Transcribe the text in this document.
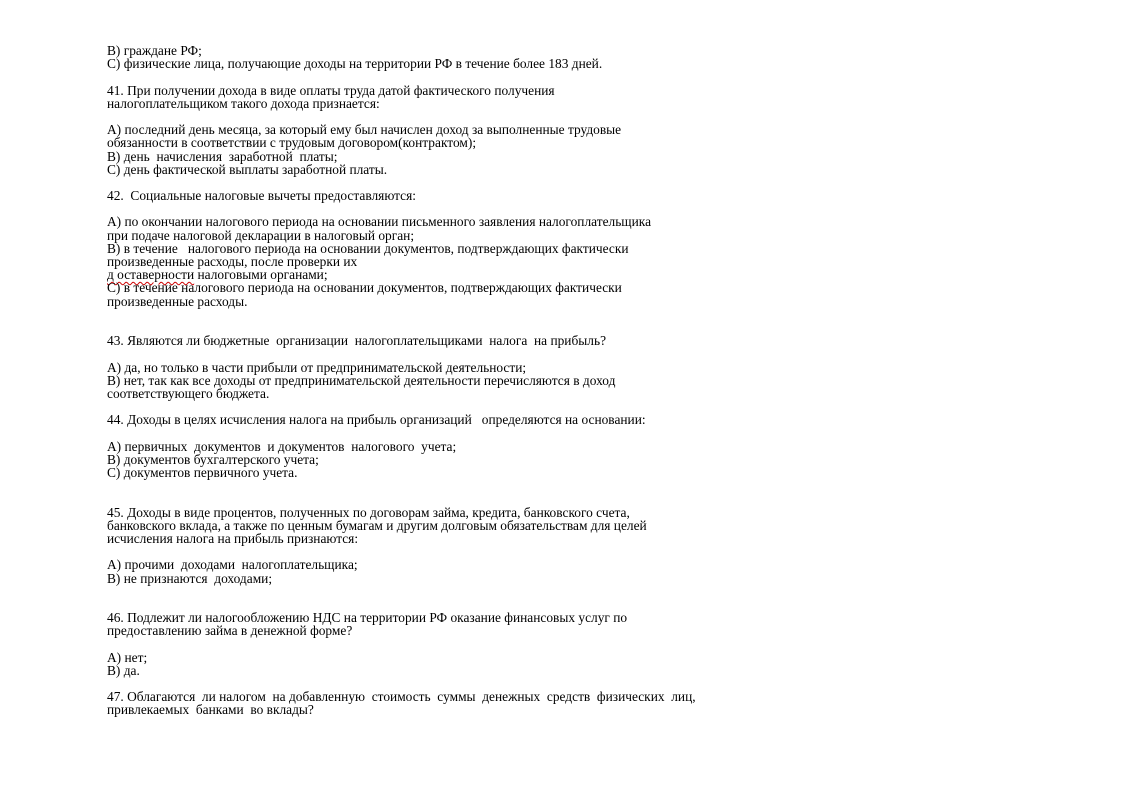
В) граждане РФ;
С) физические лица, получающие доходы на территории РФ в течение более 183 дней.
41. При получении дохода в виде оплаты труда датой фактического получения
налогоплательщиком такого дохода признается:
А) последний день месяца, за который ему был начислен доход за выполненные трудовые
обязанности в соответствии с трудовым договором(контрактом);
В) день  начисления  заработной  платы;
С) день фактической выплаты заработной платы.
42.  Социальные налоговые вычеты предоставляются:
А) по окончании налогового периода на основании письменного заявления налогоплательщика
при подаче налоговой декларации в налоговый орган;
В) в течение   налогового периода на основании документов, подтверждающих фактически
произведенные расходы, после проверки их
д оставерности налоговыми органами;
С) в течение налогового периода на основании документов, подтверждающих фактически
произведенные расходы.
43. Являются ли бюджетные  организации  налогоплательщиками  налога  на прибыль?
А) да, но только в части прибыли от предпринимательской деятельности;
В) нет, так как все доходы от предпринимательской деятельности перечисляются в доход
соответствующего бюджета.
44. Доходы в целях исчисления налога на прибыль организаций   определяются на основании:
А) первичных  документов  и документов  налогового  учета;
В) документов бухгалтерского учета;
С) документов первичного учета.
45. Доходы в виде процентов, полученных по договорам займа, кредита, банковского счета,
банковского вклада, а также по ценным бумагам и другим долговым обязательствам для целей
исчисления налога на прибыль признаются:
А) прочими  доходами  налогоплательщика;
В) не признаются  доходами;
46. Подлежит ли налогообложению НДС на территории РФ оказание финансовых услуг по
предоставлению займа в денежной форме?
А) нет;
В) да.
47. Облагаются  ли налогом  на добавленную  стоимость  суммы  денежных  средств  физических  лиц,
привлекаемых  банками  во вклады?
